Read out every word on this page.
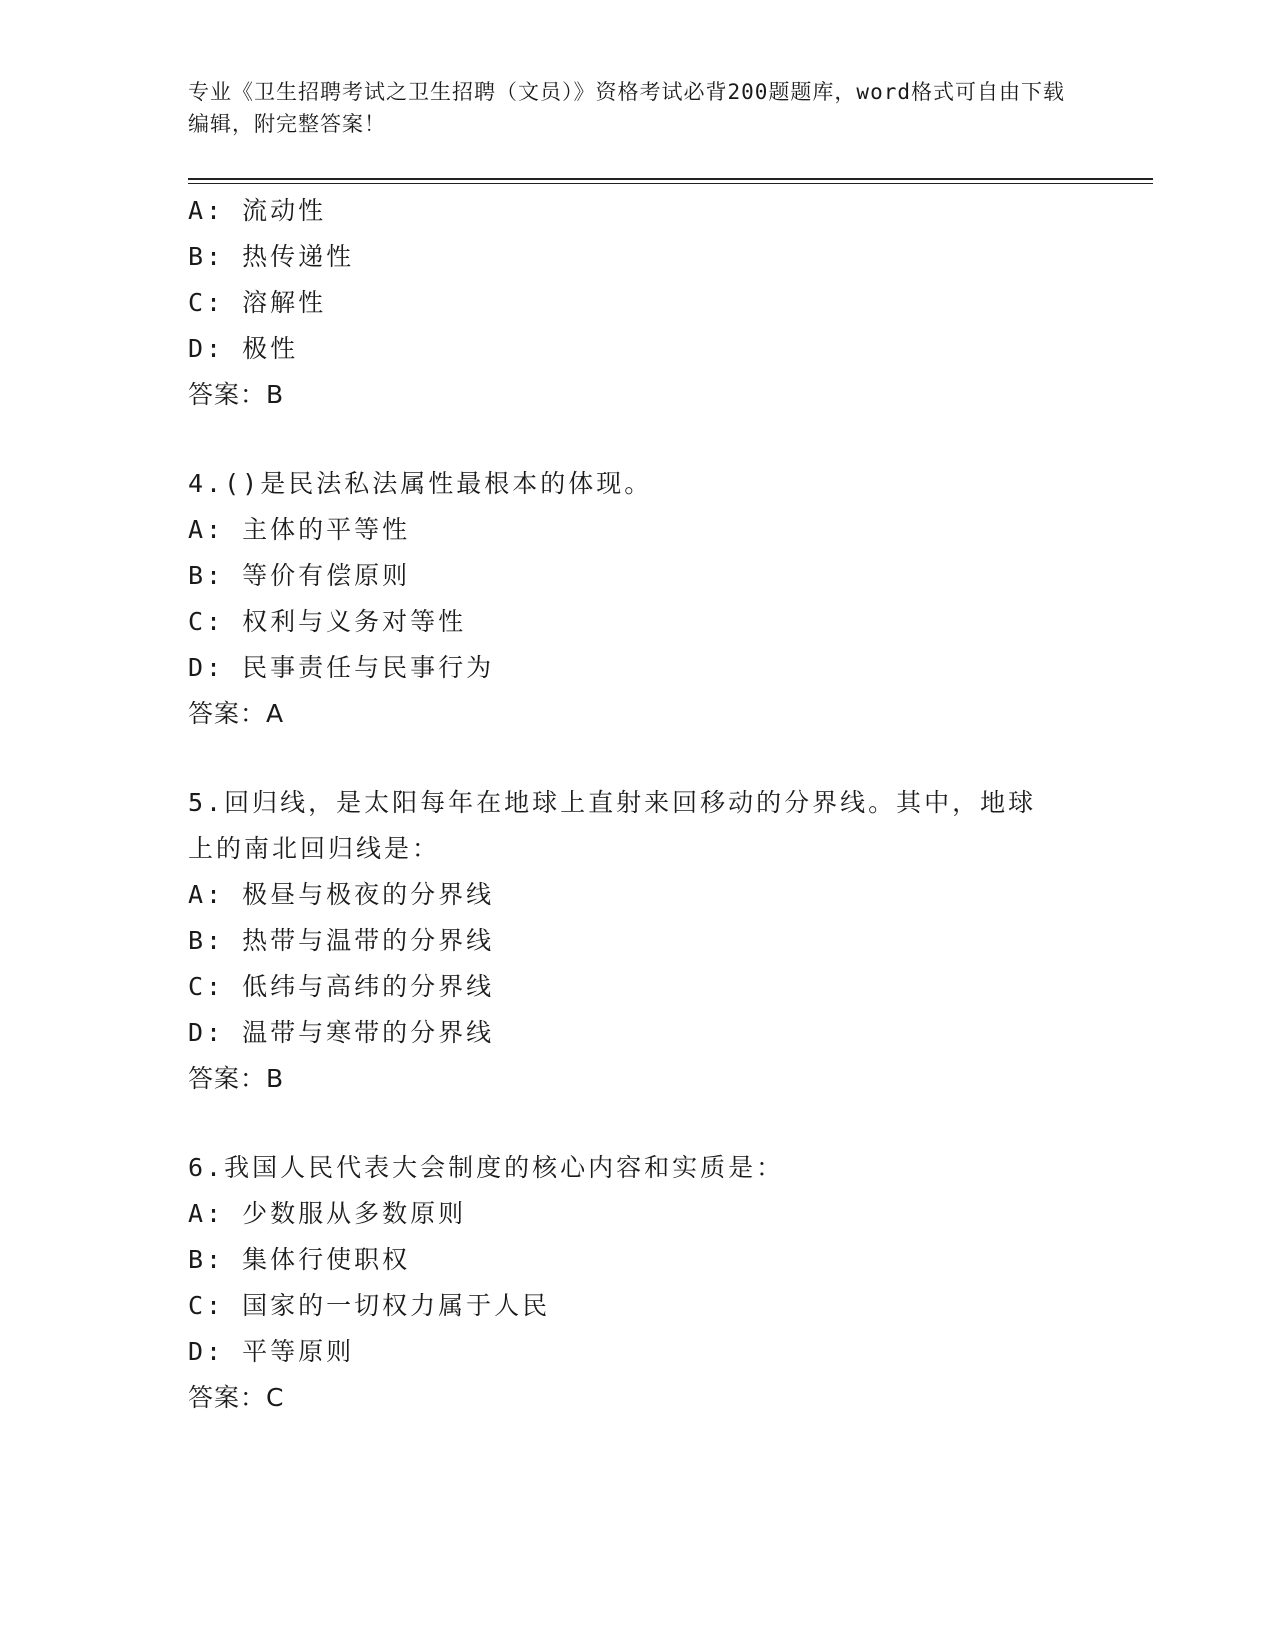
专业《卫生招聘考试之卫生招聘（文员）》资格考试必背200题题库，word格式可自由下载编辑，附完整答案！
A: 流动性
B: 热传递性
C: 溶解性
D: 极性
答案：B
4.()是民法私法属性最根本的体现。
A: 主体的平等性
B: 等价有偿原则
C: 权利与义务对等性
D: 民事责任与民事行为
答案：A
5.回归线，是太阳每年在地球上直射来回移动的分界线。其中，地球
上的南北回归线是：
A: 极昼与极夜的分界线
B: 热带与温带的分界线
C: 低纬与高纬的分界线
D: 温带与寒带的分界线
答案：B
6.我国人民代表大会制度的核心内容和实质是：
A: 少数服从多数原则
B: 集体行使职权
C: 国家的一切权力属于人民
D: 平等原则
答案：C
